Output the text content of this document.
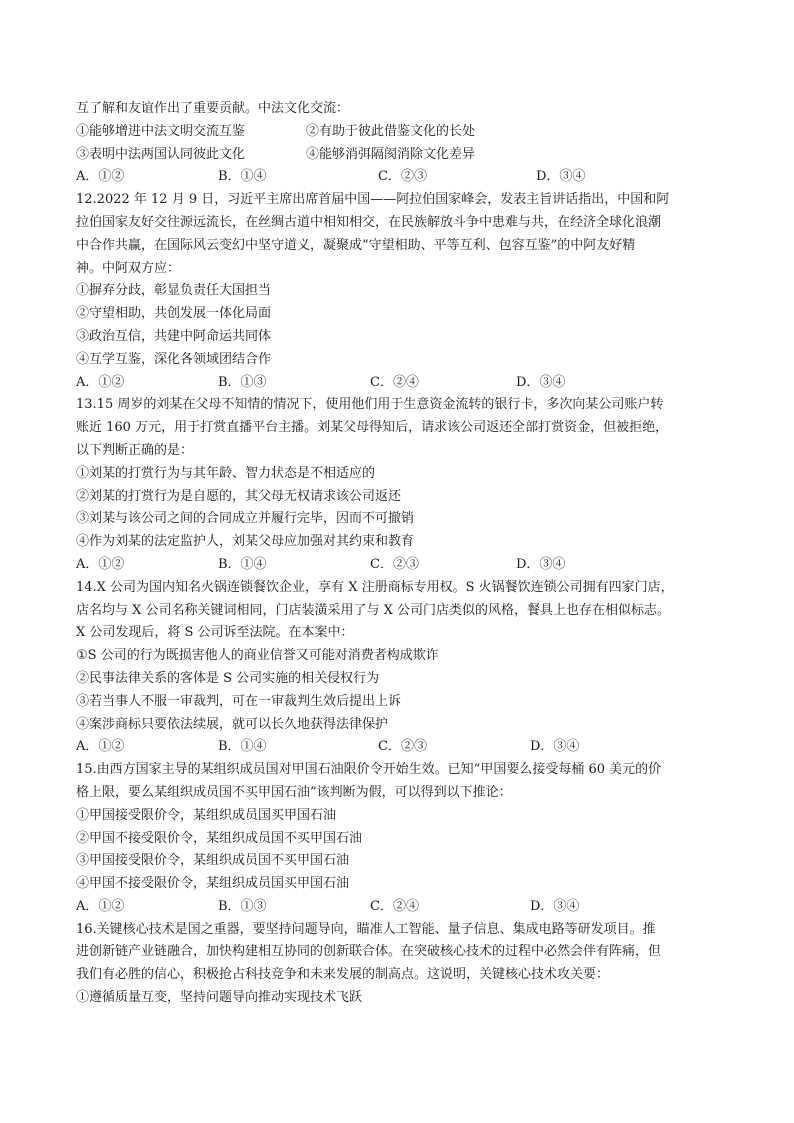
互了解和友谊作出了重要贡献。中法文化交流：
①能够增进中法文明交流互鉴	②有助于彼此借鉴文化的长处
③表明中法两国认同彼此文化	④能够消弭隔阂消除文化差异
A．①②	B．①④	C．②③	D．③④
12.2022 年 12 月 9 日，习近平主席出席首届中国——阿拉伯国家峰会，发表主旨讲话指出，中国和阿
拉伯国家友好交往源远流长，在丝绸古道中相知相交，在民族解放斗争中患难与共，在经济全球化浪潮
中合作共赢，在国际风云变幻中坚守道义，凝聚成“守望相助、平等互利、包容互鉴”的中阿友好精
神。中阿双方应：
①摒弃分歧，彰显负责任大国担当
②守望相助，共创发展一体化局面
③政治互信，共建中阿命运共同体
④互学互鉴，深化各领域团结合作
A．①②	B．①③	C．②④	D．③④
13.15 周岁的刘某在父母不知情的情况下，使用他们用于生意资金流转的银行卡，多次向某公司账户转
账近 160 万元，用于打赏直播平台主播。刘某父母得知后，请求该公司返还全部打赏资金，但被拒绝，
以下判断正确的是：
①刘某的打赏行为与其年龄、智力状态是不相适应的
②刘某的打赏行为是自愿的，其父母无权请求该公司返还
③刘某与该公司之间的合同成立并履行完毕，因而不可撤销
④作为刘某的法定监护人，刘某父母应加强对其约束和教育
A．①②	B．①④	C．②③	D．③④
14.X 公司为国内知名火锅连锁餐饮企业，享有 X 注册商标专用权。S 火锅餐饮连锁公司拥有四家门店，
店名均与 X 公司名称关键词相同，门店装潢采用了与 X 公司门店类似的风格，餐具上也存在相似标志。
X 公司发现后，将 S 公司诉至法院。在本案中：
①S 公司的行为既损害他人的商业信誉又可能对消费者构成欺诈
②民事法律关系的客体是 S 公司实施的相关侵权行为
③若当事人不服一审裁判，可在一审裁判生效后提出上诉
④案涉商标只要依法续展，就可以长久地获得法律保护
A．①②	B．①④	C．②③	D．③④
15.由西方国家主导的某组织成员国对甲国石油限价令开始生效。已知“甲国要么接受每桶 60 美元的价
格上限，要么某组织成员国不买甲国石油”该判断为假，可以得到以下推论：
①甲国接受限价令，某组织成员国买甲国石油
②甲国不接受限价令，某组织成员国不买甲国石油
③甲国接受限价令，某组织成员国不买甲国石油
④甲国不接受限价令，某组织成员国买甲国石油
A．①②	B．①③	C．②④	D．③④
16.关键核心技术是国之重器，要坚持问题导向，瞄准人工智能、量子信息、集成电路等研发项目。推
进创新链产业链融合，加快构建相互协同的创新联合体。在突破核心技术的过程中必然会伴有阵痛，但
我们有必胜的信心，积极抢占科技竞争和未来发展的制高点。这说明，关键核心技术攻关要：
①遵循质量互变，坚持问题导向推动实现技术飞跃
